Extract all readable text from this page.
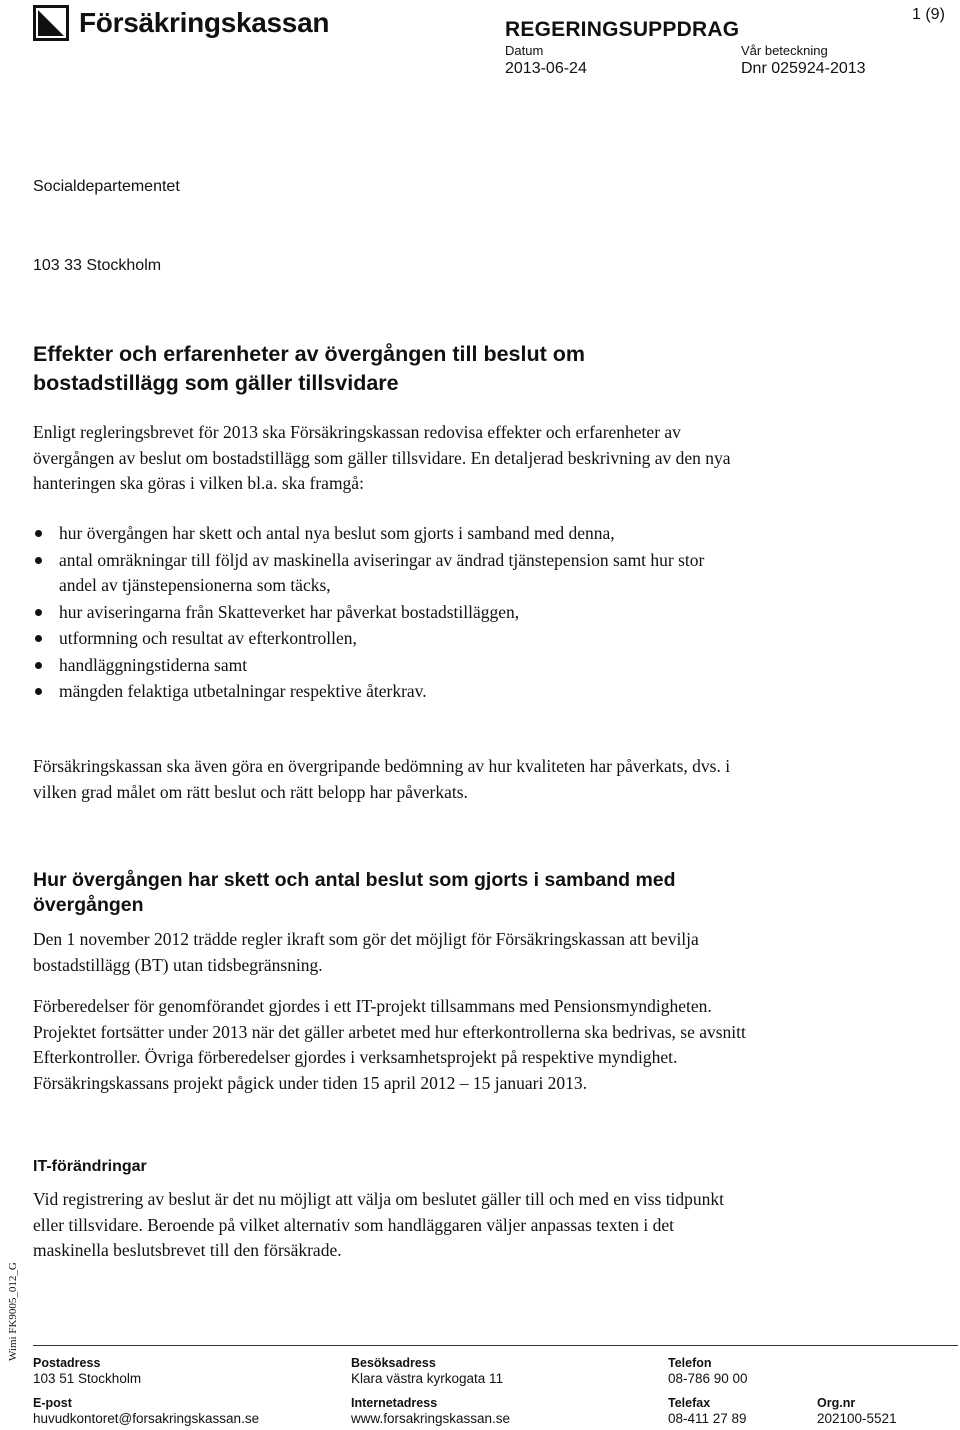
Försäkringskassan	REGERINGSUPPDRAG
Datum
2013-06-24
Vår beteckning
Dnr 025924-2013
1 (9)
Socialdepartementet
103 33 Stockholm
Effekter och erfarenheter av övergången till beslut om
bostadstillägg som gäller tillsvidare
Enligt regleringsbrevet för 2013 ska Försäkringskassan redovisa effekter och erfarenheter av övergången av beslut om bostadstillägg som gäller tillsvidare. En detaljerad beskrivning av den nya hanteringen ska göras i vilken bl.a. ska framgå:
hur övergången har skett och antal nya beslut som gjorts i samband med denna,
antal omräkningar till följd av maskinella aviseringar av ändrad tjänstepension samt hur stor andel av tjänstepensionerna som täcks,
hur aviseringarna från Skatteverket har påverkat bostadstilläggen,
utformning och resultat av efterkontrollen,
handläggningstiderna samt
mängden felaktiga utbetalningar respektive återkrav.
Försäkringskassan ska även göra en övergripande bedömning av hur kvaliteten har påverkats, dvs. i vilken grad målet om rätt beslut och rätt belopp har påverkats.
Hur övergången har skett och antal beslut som gjorts i samband med övergången
Den 1 november 2012 trädde regler ikraft som gör det möjligt för Försäkringskassan att bevilja bostadstillägg (BT) utan tidsbegränsning.
Förberedelser för genomförandet gjordes i ett IT-projekt tillsammans med Pensionsmyndigheten. Projektet fortsätter under 2013 när det gäller arbetet med hur efterkontrollerna ska bedrivas, se avsnitt Efterkontroller. Övriga förberedelser gjordes i verksamhetsprojekt på respektive myndighet. Försäkringskassans projekt pågick under tiden 15 april 2012 – 15 januari 2013.
IT-förändringar
Vid registrering av beslut är det nu möjligt att välja om beslutet gäller till och med en viss tidpunkt eller tillsvidare. Beroende på vilket alternativ som handläggaren väljer anpassas texten i det maskinella beslutsbrevet till den försäkrade.
Wimi FK9005_012_G
Postadress
103 51 Stockholm
Besöksadress
Klara västra kyrkogata 11
Telefon
08-786 90 00
E-post
huvudkontoret@forsakringskassan.se
Internetadress
www.forsakringskassan.se
Telefax
08-411 27 89
Org.nr
202100-5521
